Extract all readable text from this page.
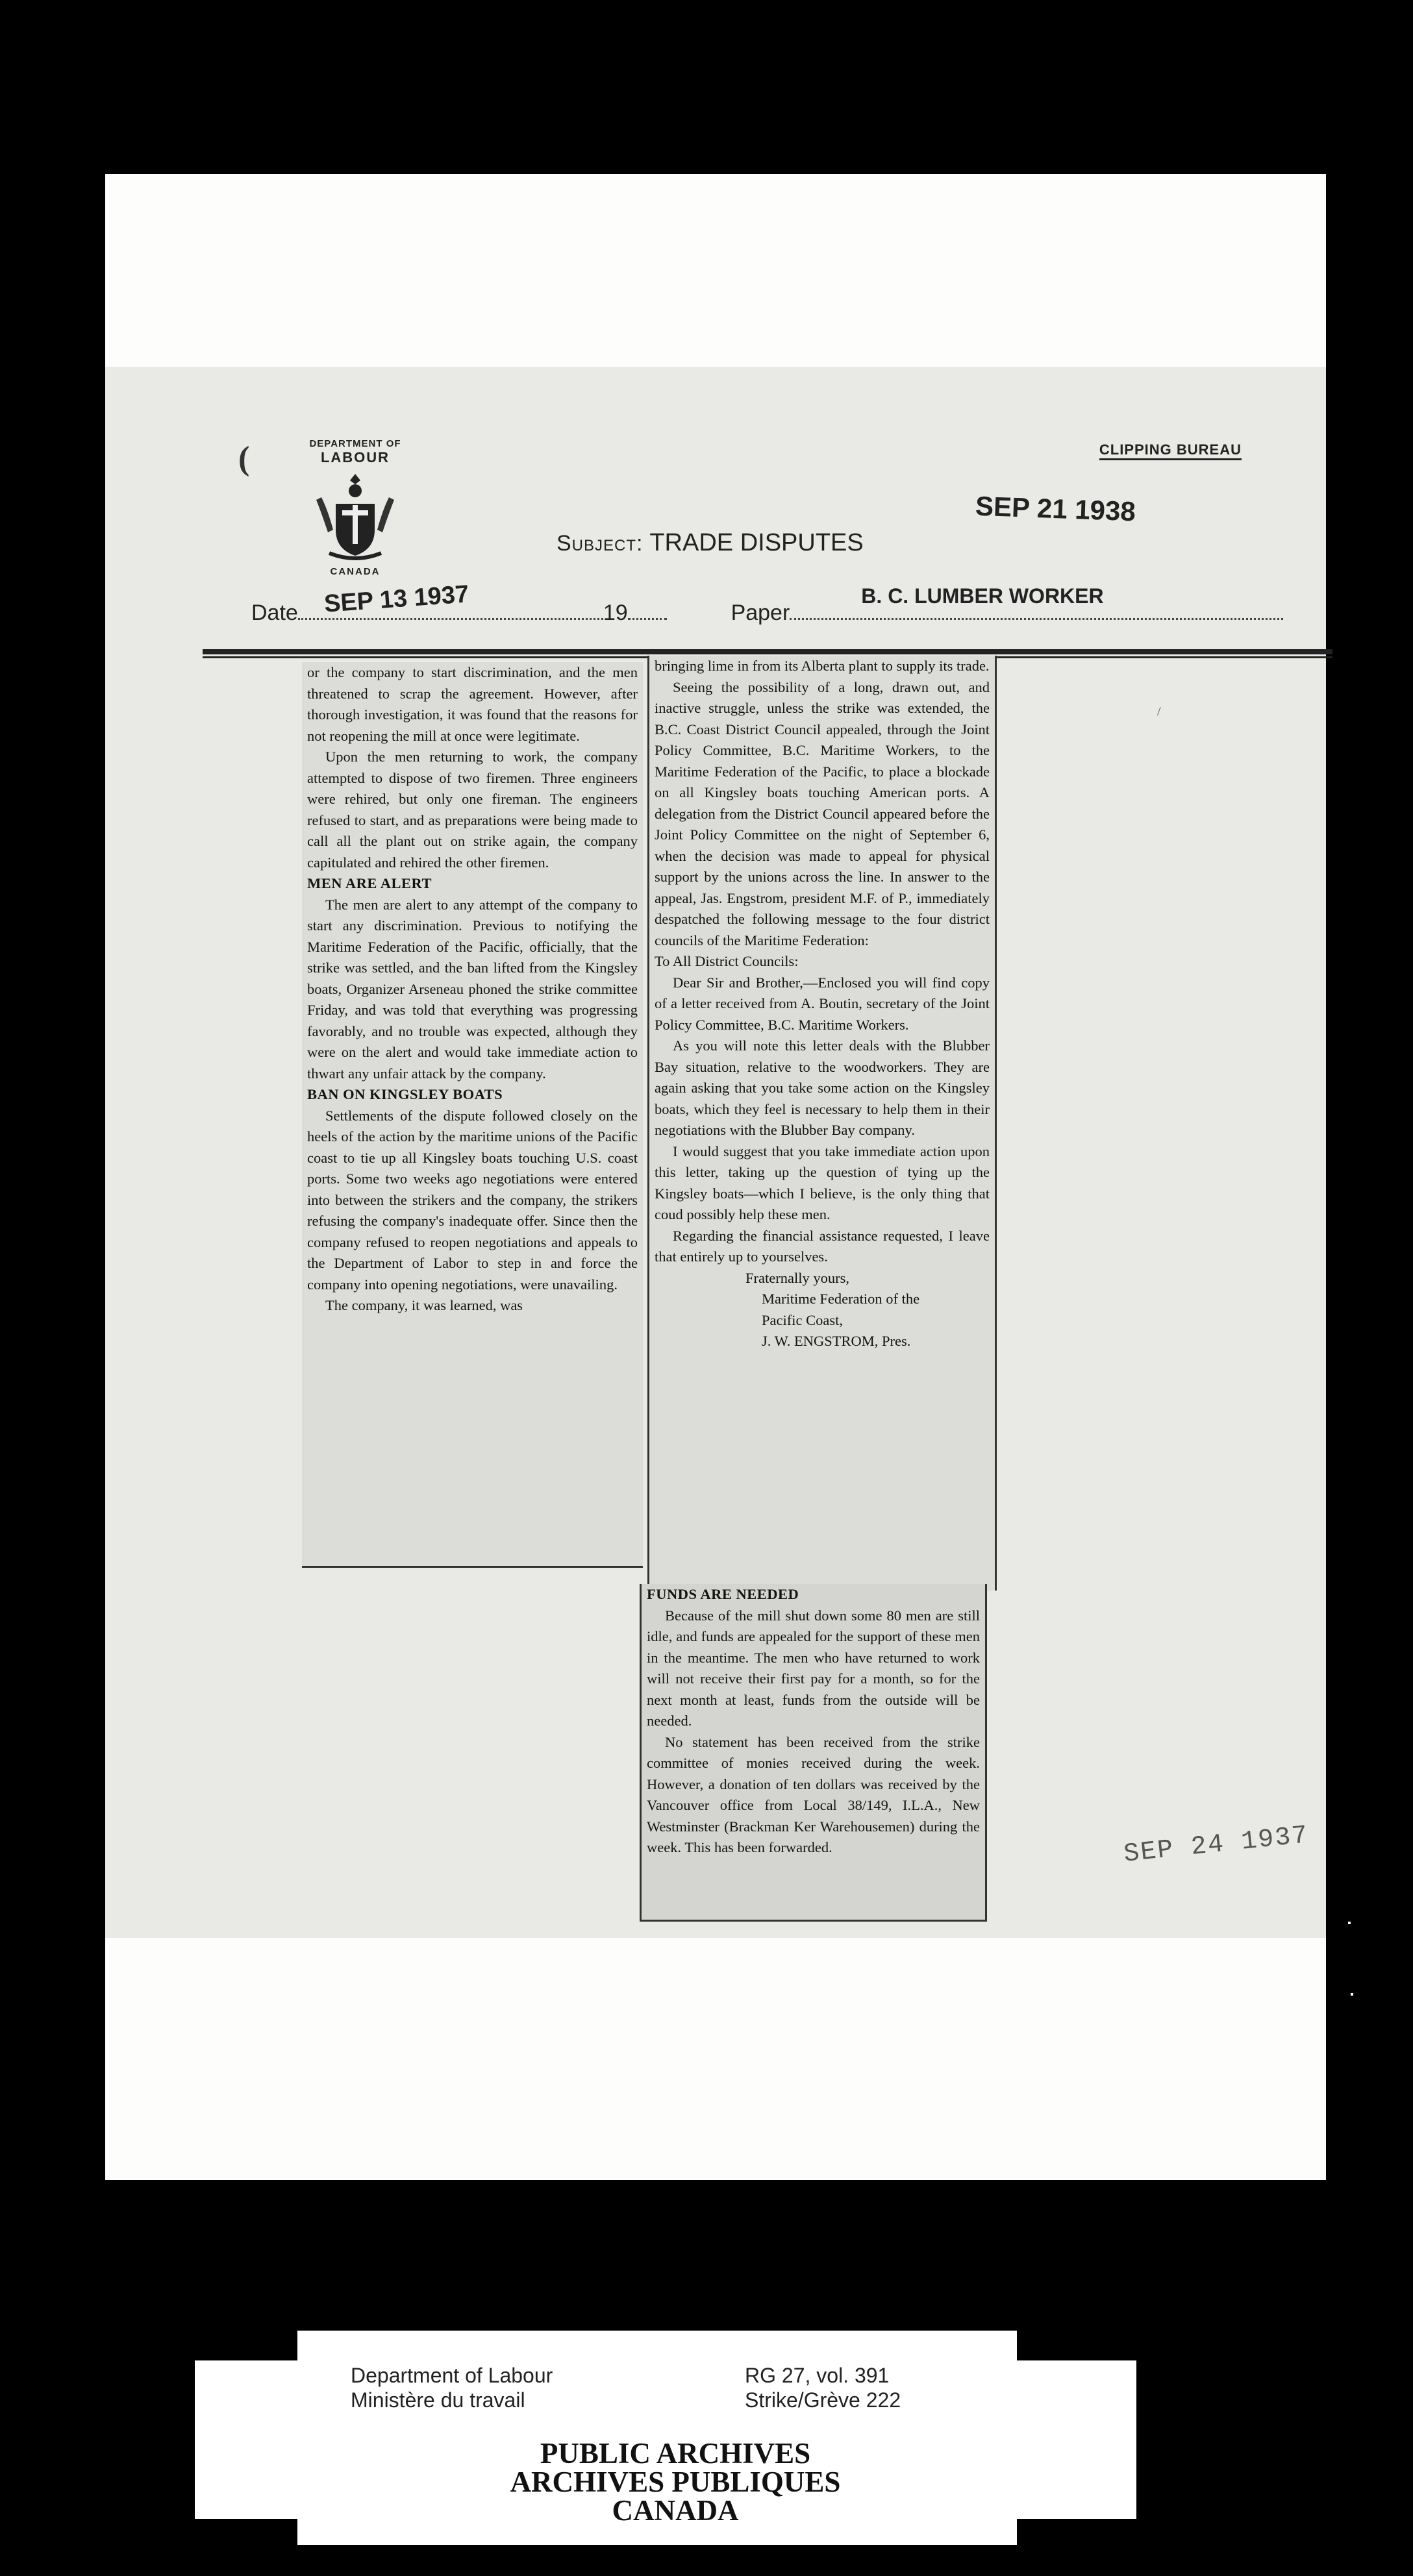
(	DEPARTMENT OF
LABOUR
CANADA
CLIPPING BUREAU
SEP 21 1938
Subject: TRADE DISPUTES
Date SEP 13 1937	19	Paper
B. C. LUMBER WORKER
/

or the company to start discrimination, and the men threatened to scrap the agreement. However, after thorough investigation, it was found that the reasons for not reopening the mill at once were legitimate.

Upon the men returning to work, the company attempted to dispose of two firemen. Three engineers were rehired, but only one fireman. The engineers refused to start, and as preparations were being made to call all the plant out on strike again, the company capitulated and rehired the other firemen.

MEN ARE ALERT

The men are alert to any attempt of the company to start any discrimination. Previous to notifying the Maritime Federation of the Pacific, officially, that the strike was settled, and the ban lifted from the Kingsley boats, Organizer Arseneau phoned the strike committee Friday, and was told that everything was progressing favorably, and no trouble was expected, although they were on the alert and would take immediate action to thwart any unfair attack by the company.

BAN ON KINGSLEY BOATS

Settlements of the dispute followed closely on the heels of the action by the maritime unions of the Pacific coast to tie up all Kingsley boats touching U.S. coast ports. Some two weeks ago negotiations were entered into between the strikers and the company, the strikers refusing the company's inadequate offer. Since then the company refused to reopen negotiations and appeals to the Department of Labor to step in and force the company into opening negotiations, were unavailing.

The company, it was learned, was

bringing lime in from its Alberta plant to supply its trade.

Seeing the possibility of a long, drawn out, and inactive struggle, unless the strike was extended, the B.C. Coast District Council appealed, through the Joint Policy Committee, B.C. Maritime Workers, to the Maritime Federation of the Pacific, to place a blockade on all Kingsley boats touching American ports. A delegation from the District Council appeared before the Joint Policy Committee on the night of September 6, when the decision was made to appeal for physical support by the unions across the line. In answer to the appeal, Jas. Engstrom, president M.F. of P., immediately despatched the following message to the four district councils of the Maritime Federation:

To All District Councils:

Dear Sir and Brother,—Enclosed you will find copy of a letter received from A. Boutin, secretary of the Joint Policy Committee, B.C. Maritime Workers.

As you will note this letter deals with the Blubber Bay situation, relative to the woodworkers. They are again asking that you take some action on the Kingsley boats, which they feel is necessary to help them in their negotiations with the Blubber Bay company.

I would suggest that you take immediate action upon this letter, taking up the question of tying up the Kingsley boats—which I believe, is the only thing that coud possibly help these men.

Regarding the financial assistance requested, I leave that entirely up to yourselves.

Fraternally yours,

Maritime Federation of the

Pacific Coast,

J. W. ENGSTROM, Pres.

FUNDS ARE NEEDED

Because of the mill shut down some 80 men are still idle, and funds are appealed for the support of these men in the meantime. The men who have returned to work will not receive their first pay for a month, so for the next month at least, funds from the outside will be needed.

No statement has been received from the strike committee of monies received during the week. However, a donation of ten dollars was received by the Vancouver office from Local 38/149, I.L.A., New Westminster (Brackman Ker Warehousemen) during the week. This has been forwarded.	SEP 24 1937
Department of Labour
Ministère du travail
RG 27, vol. 391
Strike/Grève 222
PUBLIC ARCHIVES
ARCHIVES PUBLIQUES
CANADA
